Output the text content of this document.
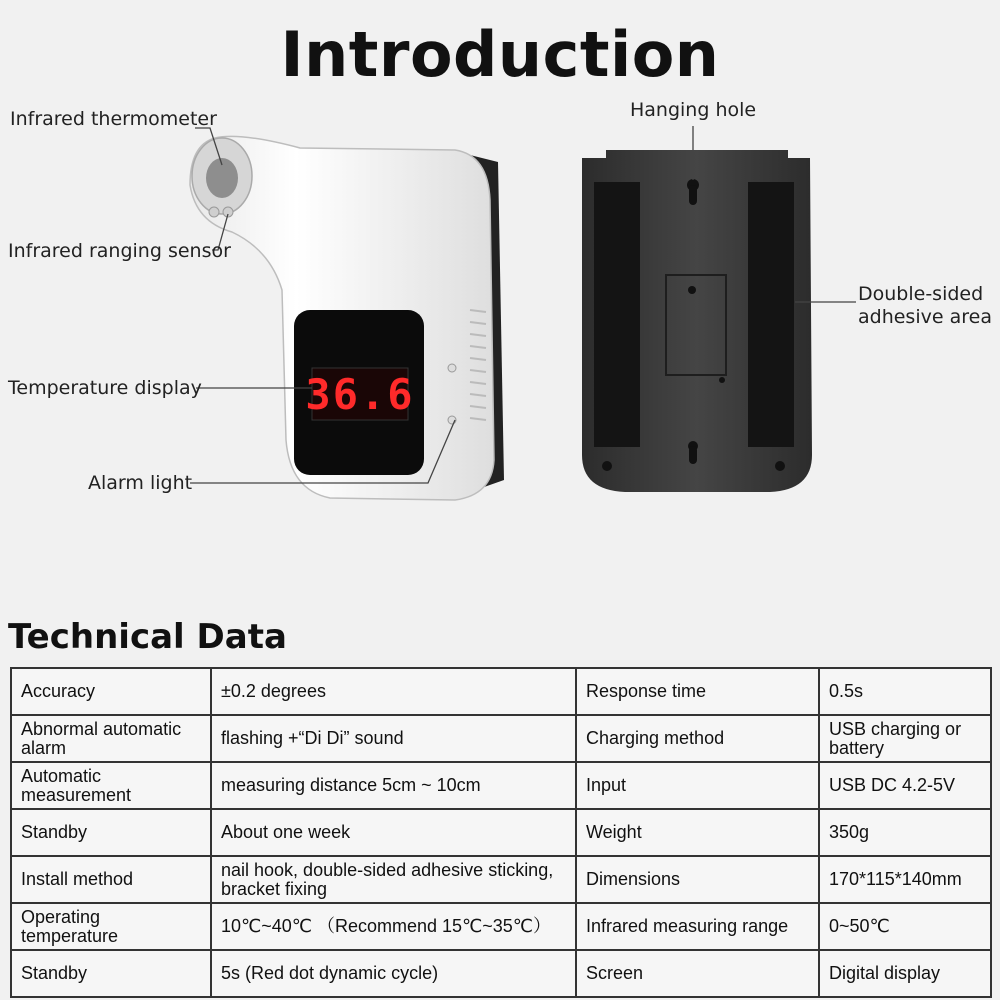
Introduction
36.6
Infrared thermometer
Infrared ranging sensor
Temperature display
Alarm light
Hanging hole
Double-sided adhesive area
Technical Data
Accuracy	±0.2 degrees	Response time	0.5s
Abnormal automatic alarm	flashing +“Di Di” sound	Charging method	USB charging or battery
Automatic measurement	measuring distance 5cm ~ 10cm	Input	USB DC 4.2-5V
Standby	About one week	Weight	350g
Install method	nail hook, double-sided adhesive sticking, bracket fixing	Dimensions	170*115*140mm
Operating temperature	10℃~40℃ （Recommend 15℃~35℃）	Infrared measuring range	0~50℃
Standby	5s (Red dot dynamic cycle)	Screen	Digital display
